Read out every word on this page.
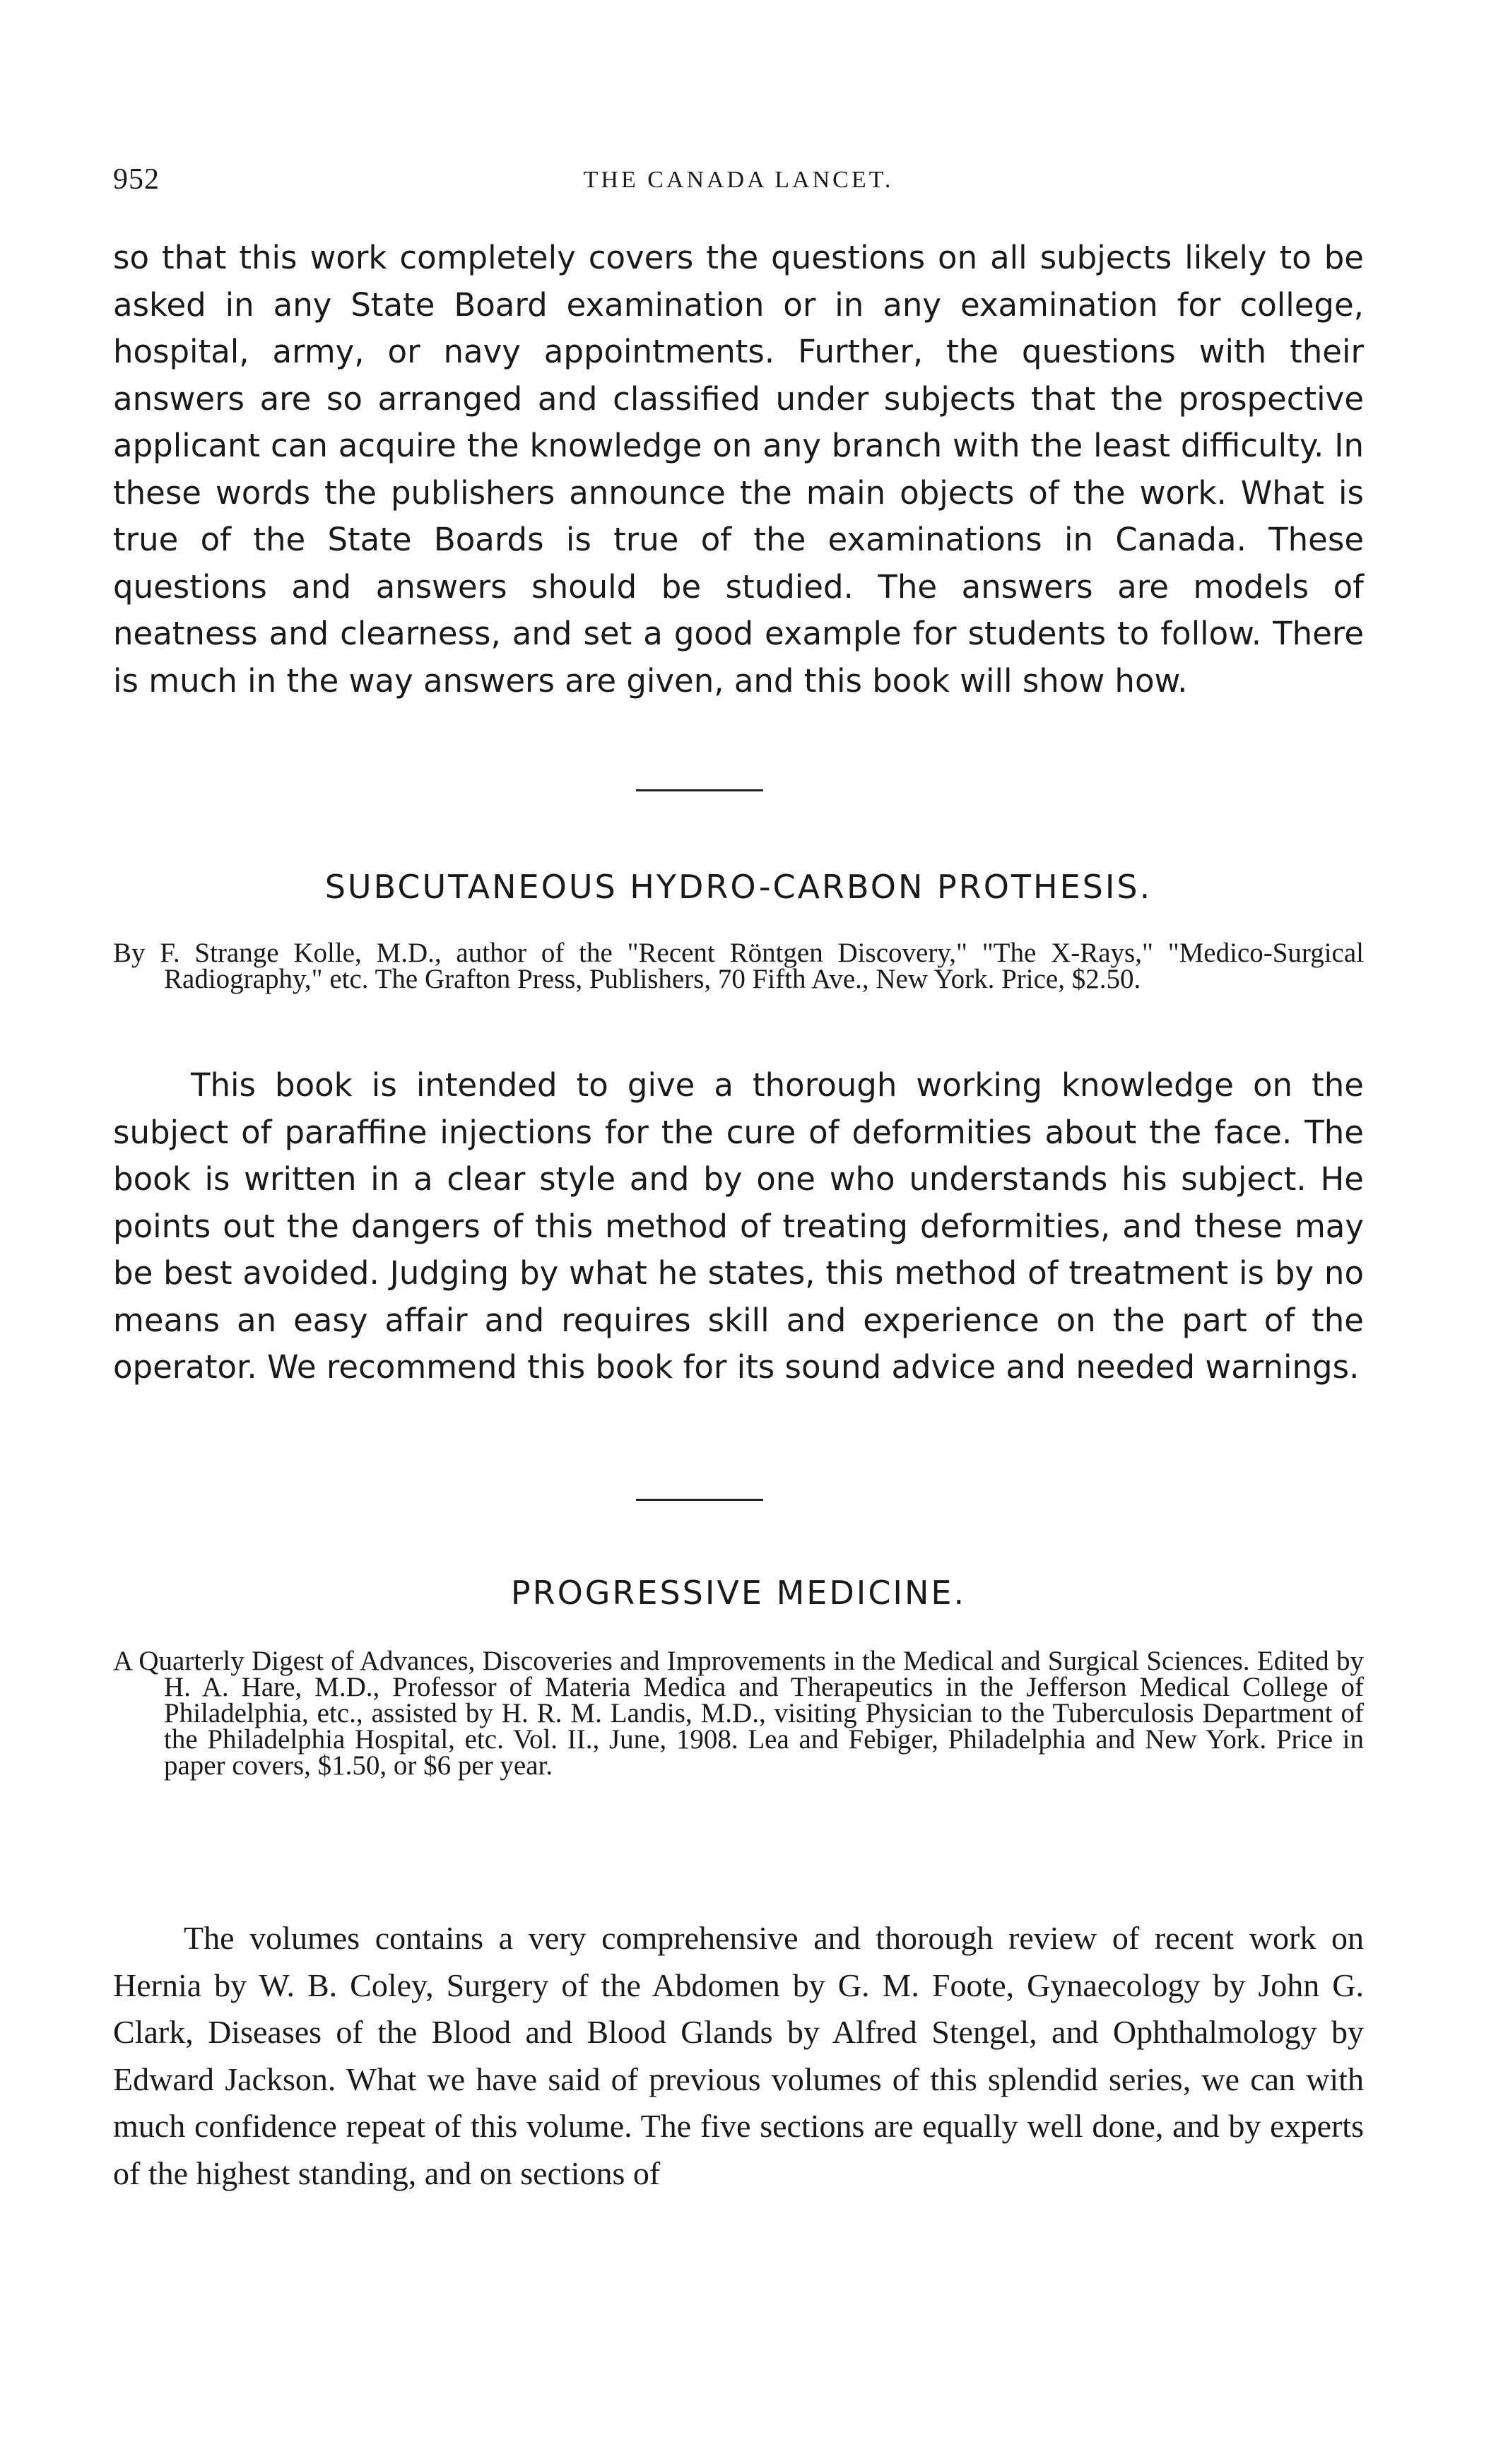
952	THE CANADA LANCET.

so that this work completely covers the questions on all subjects likely to be asked in any State Board examination or in any examination for college, hospital, army, or navy appointments. Further, the questions with their answers are so arranged and classified under subjects that the prospective applicant can acquire the knowledge on any branch with the least difficulty. In these words the publishers announce the main objects of the work. What is true of the State Boards is true of the examinations in Canada. These questions and answers should be studied. The answers are models of neatness and clearness, and set a good example for students to follow. There is much in the way answers are given, and this book will show how.

SUBCUTANEOUS HYDRO-CARBON PROTHESIS.
By F. Strange Kolle, M.D., author of the "Recent Röntgen Discovery," "The X-Rays," "Medico-Surgical Radiography," etc. The Grafton Press, Publishers, 70 Fifth Ave., New York. Price, $2.50.

This book is intended to give a thorough working knowledge on the subject of paraffine injections for the cure of deformities about the face. The book is written in a clear style and by one who understands his subject. He points out the dangers of this method of treating deformities, and these may be best avoided. Judging by what he states, this method of treatment is by no means an easy affair and requires skill and experience on the part of the operator. We recommend this book for its sound advice and needed warnings.

PROGRESSIVE MEDICINE.
A Quarterly Digest of Advances, Discoveries and Improvements in the Medical and Surgical Sciences. Edited by H. A. Hare, M.D., Professor of Materia Medica and Therapeutics in the Jefferson Medical College of Philadelphia, etc., assisted by H. R. M. Landis, M.D., visiting Physician to the Tuberculosis Department of the Philadelphia Hospital, etc. Vol. II., June, 1908. Lea and Febiger, Philadelphia and New York. Price in paper covers, $1.50, or $6 per year.
The volumes contains a very comprehensive and thorough review of recent work on Hernia by W. B. Coley, Surgery of the Abdomen by G. M. Foote, Gynaecology by John G. Clark, Diseases of the Blood and Blood Glands by Alfred Stengel, and Ophthalmology by Edward Jackson. What we have said of previous volumes of this splendid series, we can with much confidence repeat of this volume. The five sections are equally well done, and by experts of the highest standing, and on sections of
